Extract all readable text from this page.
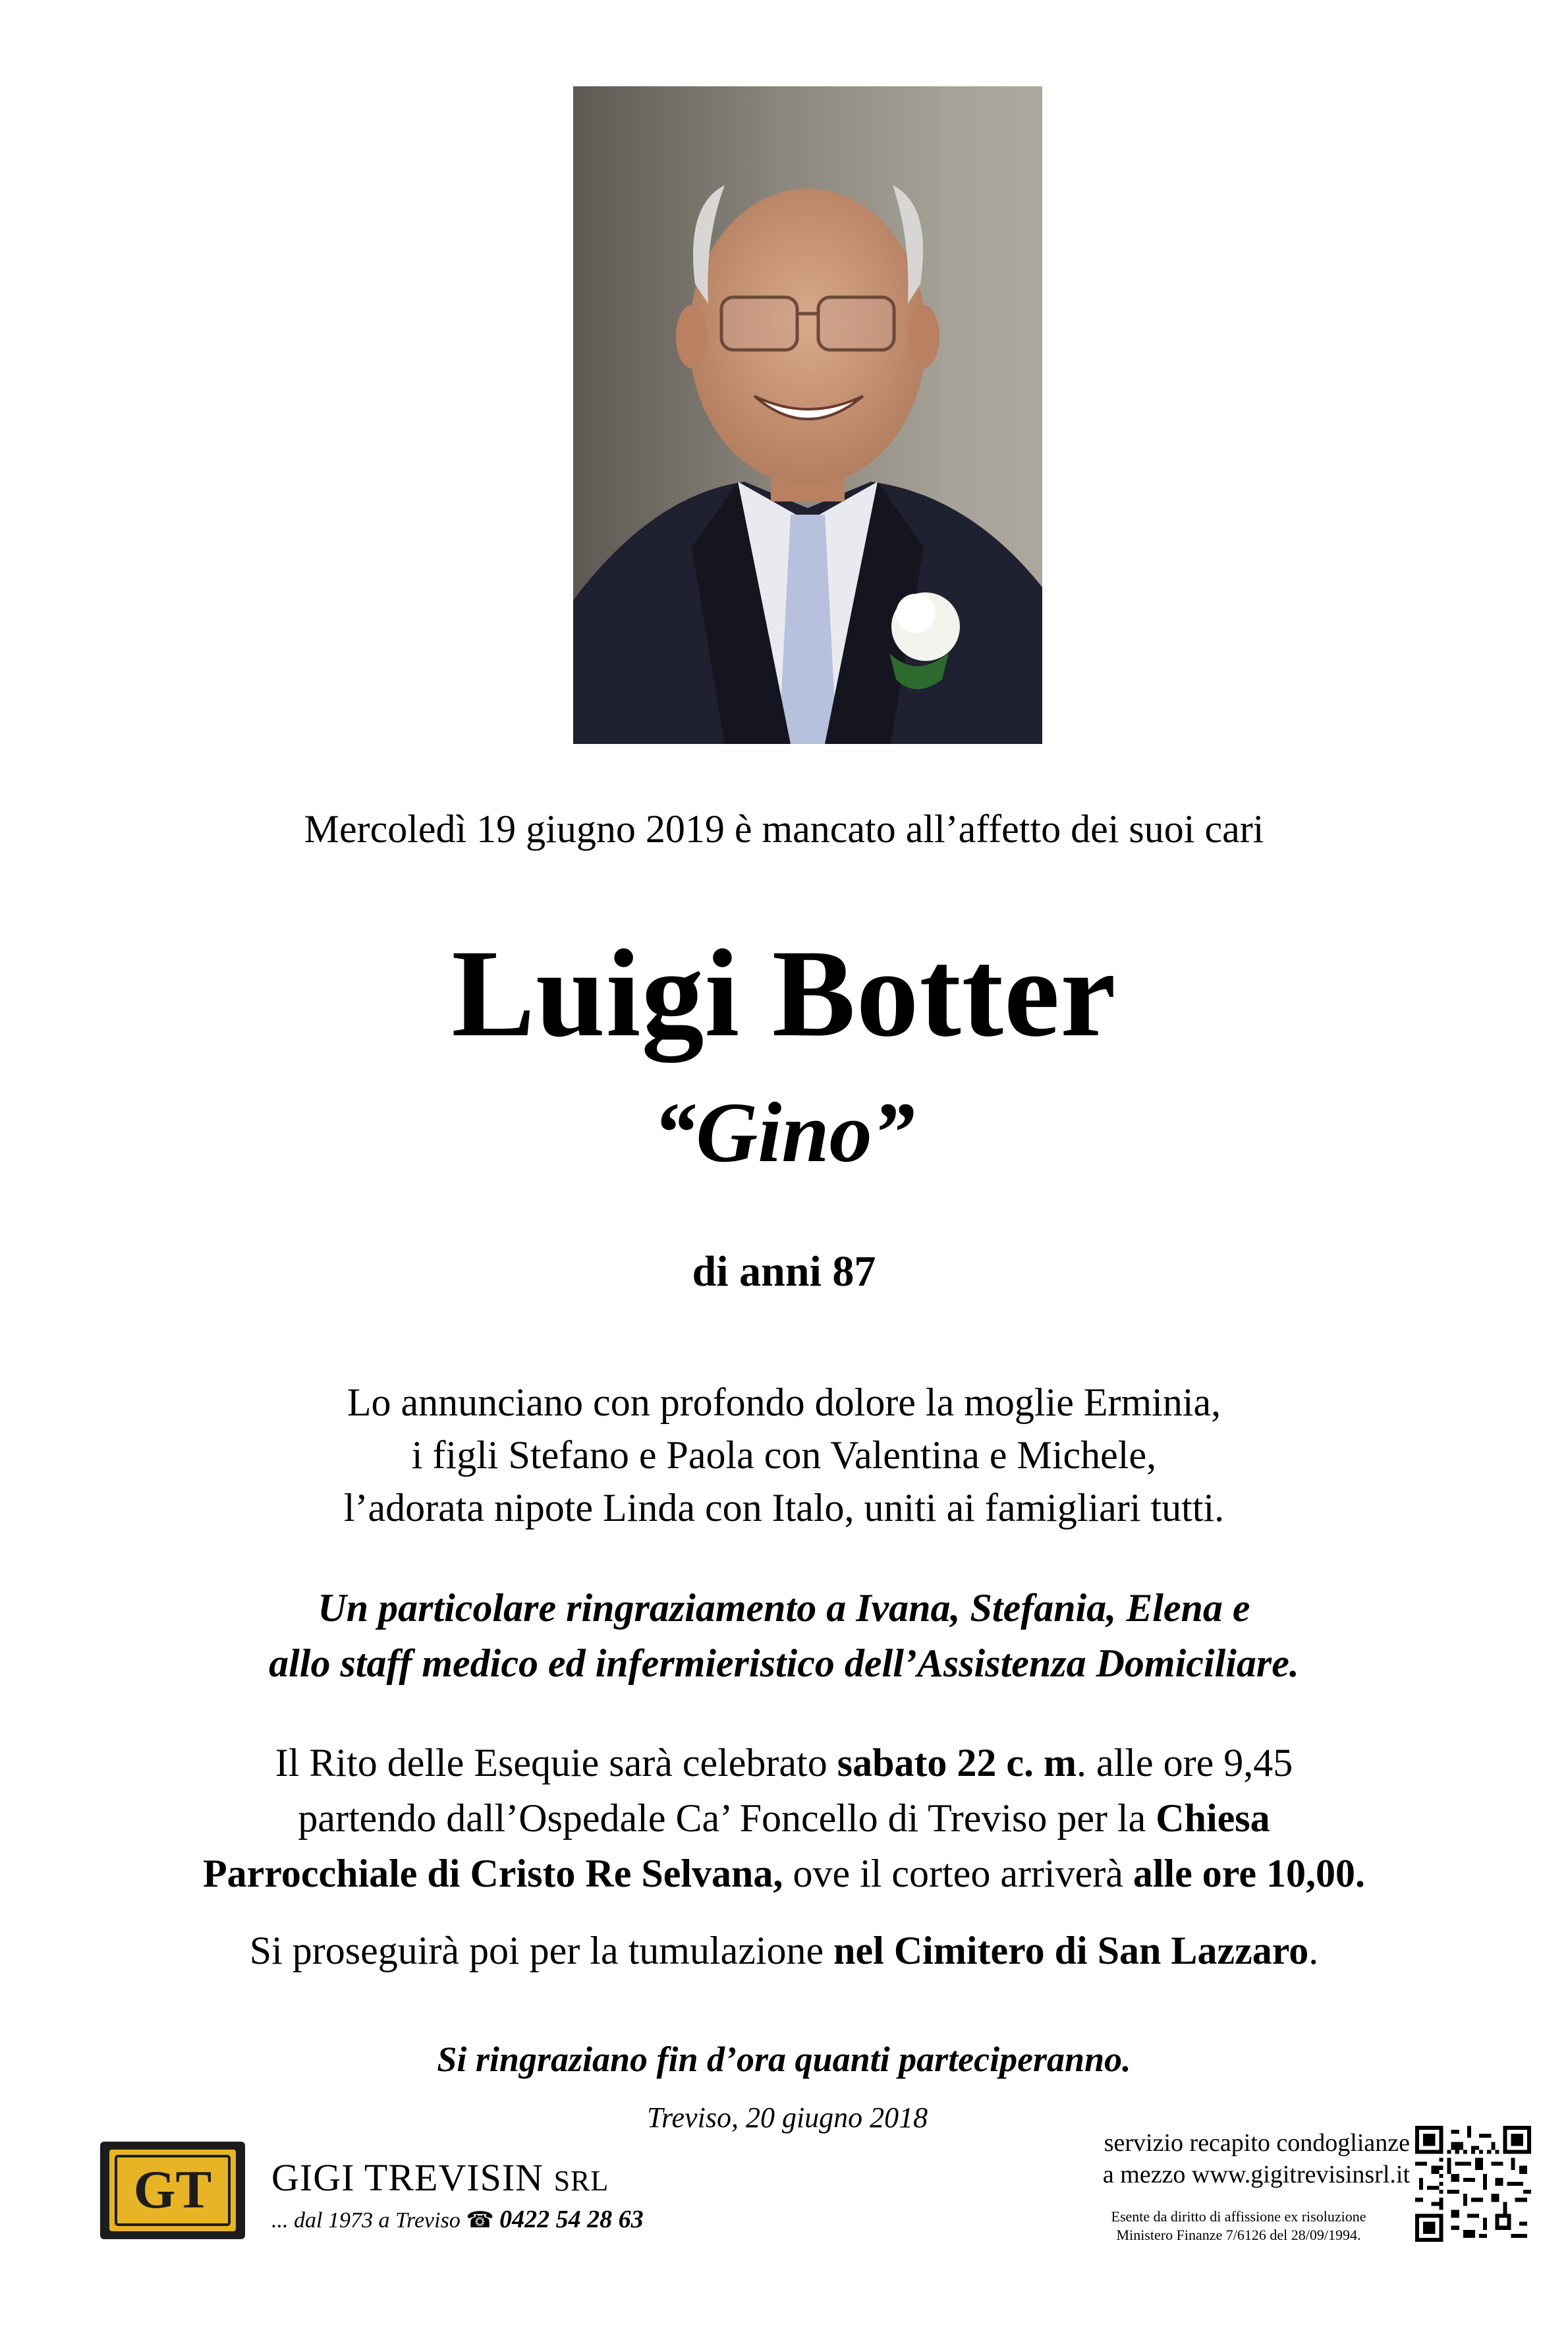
Mercoledì 19 giugno 2019 è mancato all’affetto dei suoi cari
Luigi Botter
“Gino”
di anni 87
Lo annunciano con profondo dolore la moglie Erminia,
i figli Stefano e Paola con Valentina e Michele,
l’adorata nipote Linda con Italo, uniti ai famigliari tutti.
Un particolare ringraziamento a Ivana, Stefania, Elena e
allo staff medico ed infermieristico dell’Assistenza Domiciliare.
Il Rito delle Esequie sarà celebrato sabato 22 c. m. alle ore 9,45
partendo dall’Ospedale Ca’ Foncello di Treviso per la Chiesa
Parrocchiale di Cristo Re Selvana, ove il corteo arriverà alle ore 10,00.
Si proseguirà poi per la tumulazione nel Cimitero di San Lazzaro.
Si ringraziano fin d’ora quanti parteciperanno.
Treviso, 20 giugno 2018
GT GIGI TREVISIN SRL
... dal 1973 a Treviso ☎ 0422 54 28 63
servizio recapito condoglianze
a mezzo www.gigitrevisinsrl.it
Esente da diritto di affissione ex risoluzione
Ministero Finanze 7/6126 del 28/09/1994.
